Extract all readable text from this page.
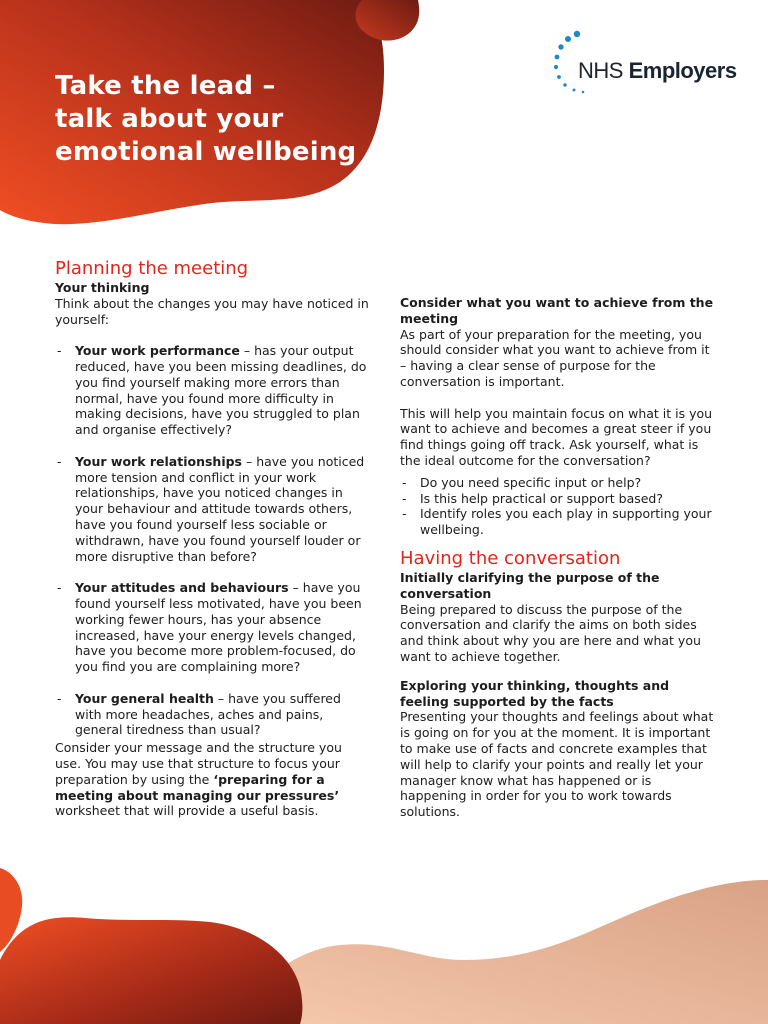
Take the lead –
talk about your
emotional wellbeing
NHS Employers
Planning the meeting

Your thinking

Think about the changes you may have noticed in yourself:

- Your work performance – has your output reduced, have you been missing deadlines, do you find yourself making more errors than normal, have you found more difficulty in making decisions, have you struggled to plan and organise effectively?
- Your work relationships – have you noticed more tension and conflict in your work relationships, have you noticed changes in your behaviour and attitude towards others, have you found yourself less sociable or withdrawn, have you found yourself louder or more disruptive than before?
- Your attitudes and behaviours – have you found yourself less motivated, have you been working fewer hours, has your absence increased, have your energy levels changed, have you become more problem-focused, do you find you are complaining more?
- Your general health – have you suffered with more headaches, aches and pains, general tiredness than usual?

Consider your message and the structure you use. You may use that structure to focus your preparation by using the ‘preparing for a meeting about managing our pressures’ worksheet that will provide a useful basis.

Consider what you want to achieve from the meeting

As part of your preparation for the meeting, you should consider what you want to achieve from it – having a clear sense of purpose for the conversation is important.

This will help you maintain focus on what it is you want to achieve and becomes a great steer if you find things going off track. Ask yourself, what is the ideal outcome for the conversation?

- Do you need specific input or help?
- Is this help practical or support based?
- Identify roles you each play in supporting your wellbeing.
Having the conversation

Initially clarifying the purpose of the conversation

Being prepared to discuss the purpose of the conversation and clarify the aims on both sides and think about why you are here and what you want to achieve together.

Exploring your thinking, thoughts and feeling supported by the facts

Presenting your thoughts and feelings about what is going on for you at the moment. It is important to make use of facts and concrete examples that will help to clarify your points and really let your manager know what has happened or is happening in order for you to work towards solutions.
